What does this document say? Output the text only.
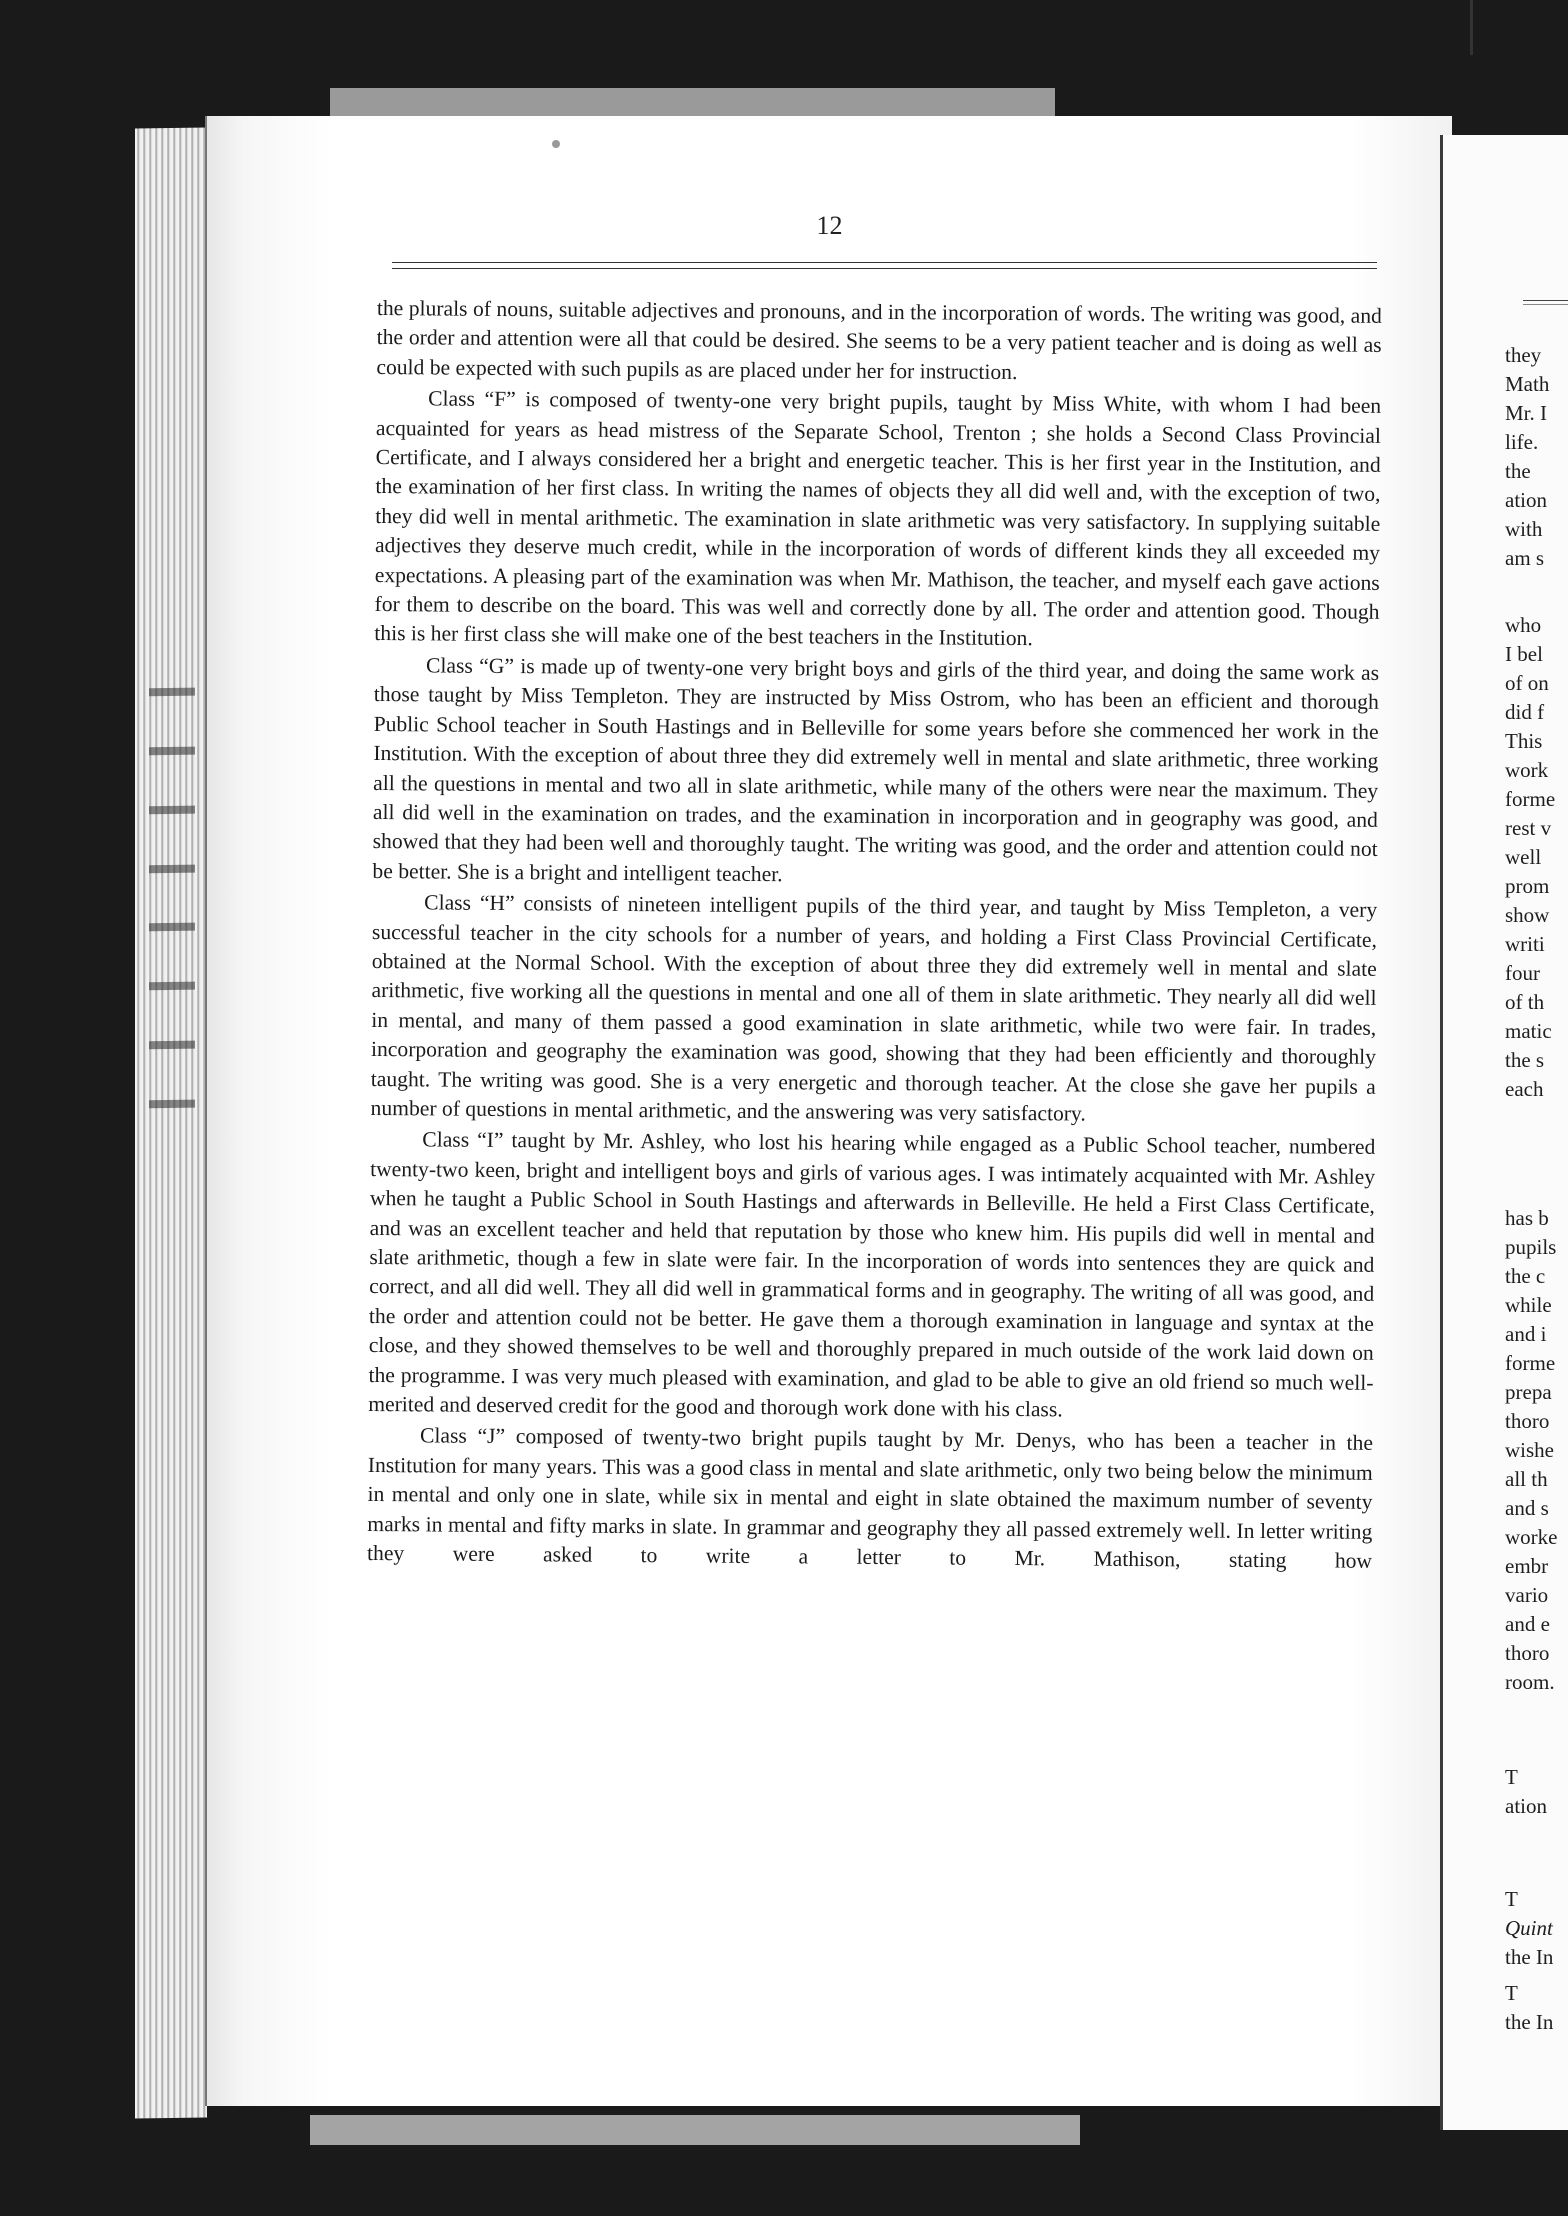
12

the plurals of nouns, suitable adjectives and pronouns, and in the incorporation of words. The writing was good, and the order and attention were all that could be desired. She seems to be a very patient teacher and is doing as well as could be expected with such pupils as are placed under her for instruction.

Class “F” is composed of twenty-one very bright pupils, taught by Miss White, with whom I had been acquainted for years as head mistress of the Separate School, Trenton ; she holds a Second Class Provincial Certificate, and I always considered her a bright and energetic teacher. This is her first year in the Institution, and the examination of her first class. In writing the names of objects they all did well and, with the exception of two, they did well in mental arithmetic. The examination in slate arithmetic was very satisfactory. In supplying suitable adjectives they deserve much credit, while in the incorporation of words of different kinds they all exceeded my expectations. A pleasing part of the examination was when Mr. Mathison, the teacher, and myself each gave actions for them to describe on the board. This was well and correctly done by all. The order and attention good. Though this is her first class she will make one of the best teachers in the Institution.

Class “G” is made up of twenty-one very bright boys and girls of the third year, and doing the same work as those taught by Miss Templeton. They are instructed by Miss Ostrom, who has been an efficient and thorough Public School teacher in South Hastings and in Belleville for some years before she commenced her work in the Institution. With the exception of about three they did extremely well in mental and slate arithmetic, three working all the questions in mental and two all in slate arithmetic, while many of the others were near the maximum. They all did well in the examination on trades, and the examination in incorporation and in geography was good, and showed that they had been well and thoroughly taught. The writing was good, and the order and attention could not be better. She is a bright and intelligent teacher.

Class “H” consists of nineteen intelligent pupils of the third year, and taught by Miss Templeton, a very successful teacher in the city schools for a number of years, and holding a First Class Provincial Certificate, obtained at the Normal School. With the exception of about three they did extremely well in mental and slate arithmetic, five working all the questions in mental and one all of them in slate arithmetic. They nearly all did well in mental, and many of them passed a good examination in slate arithmetic, while two were fair. In trades, incorporation and geography the examination was good, showing that they had been efficiently and thoroughly taught. The writing was good. She is a very energetic and thorough teacher. At the close she gave her pupils a number of questions in mental arithmetic, and the answering was very satisfactory.

Class “I” taught by Mr. Ashley, who lost his hearing while engaged as a Public School teacher, numbered twenty-two keen, bright and intelligent boys and girls of various ages. I was intimately acquainted with Mr. Ashley when he taught a Public School in South Hastings and afterwards in Belleville. He held a First Class Certificate, and was an excellent teacher and held that reputation by those who knew him. His pupils did well in mental and slate arithmetic, though a few in slate were fair. In the incorporation of words into sentences they are quick and correct, and all did well. They all did well in grammatical forms and in geography. The writing of all was good, and the order and attention could not be better. He gave them a thorough examination in language and syntax at the close, and they showed themselves to be well and thoroughly prepared in much outside of the work laid down on the programme. I was very much pleased with examination, and glad to be able to give an old friend so much well-merited and deserved credit for the good and thorough work done with his class.

Class “J” composed of twenty-two bright pupils taught by Mr. Denys, who has been a teacher in the Institution for many years. This was a good class in mental and slate arithmetic, only two being below the minimum in mental and only one in slate, while six in mental and eight in slate obtained the maximum number of seventy marks in mental and fifty marks in slate. In grammar and geography they all passed extremely well. In letter writing they were asked to write a letter to Mr. Mathison, stating how

they
Math
Mr. I
life.
the
ation
with
am s
who
I bel
of on
did f
This
work
forme
rest v
well
prom
show
writi
four
of th
matic
the s
each
has b
pupils
the c
while
and i
forme
prepa
thoro
wishe
all th
and s
worke
embr
vario
and e
thoro
room.
T
ation
T
Quint
the In
T
the In
